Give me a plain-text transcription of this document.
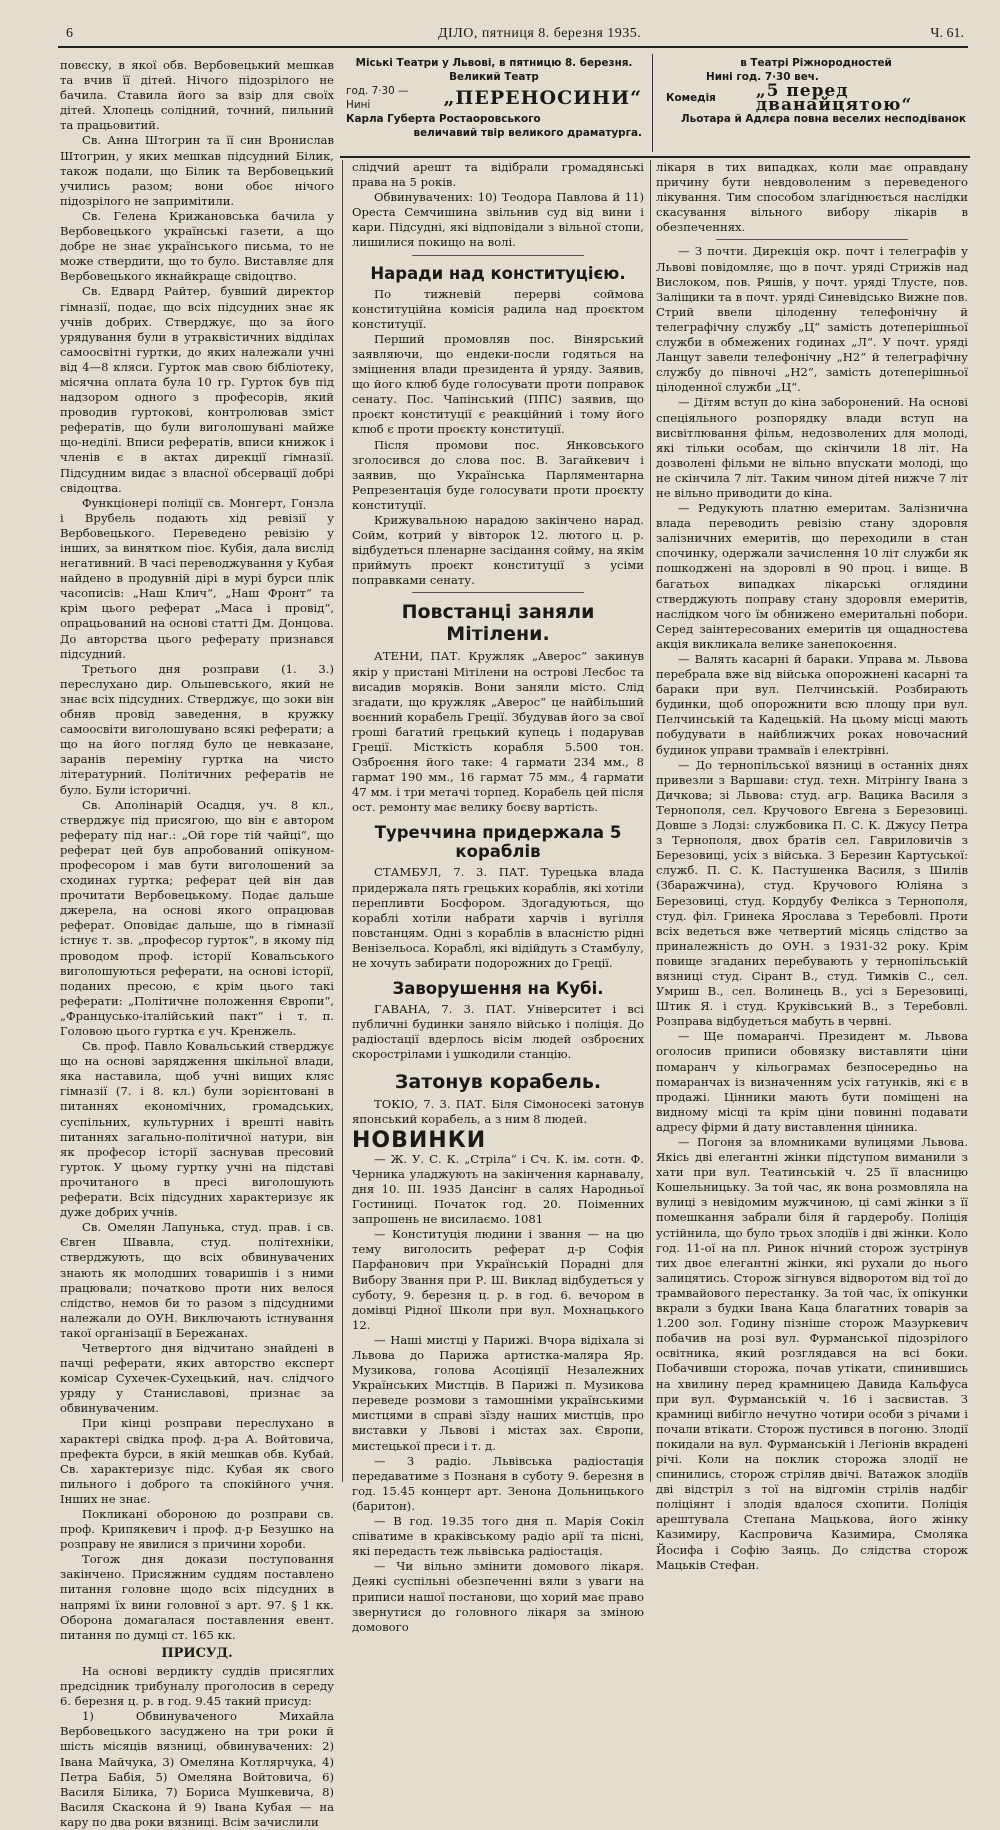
6	ДІЛО, пятниця 8. березня 1935.	Ч. 61.
Міські Театри у Львові, в пятницю 8. березня.
Великий Театр
год. 7·30 — Нині	„ПЕРЕНОСИНИ“
Карла Губерта Ростаоровського
величавий твір великого драматурга.
в Театрі Ріжнородностей
Нині год. 7·30 веч.
Комедія „5 перед дванайцятою“
Льотара й Адлєра повна веселих несподіванок

повєску, в якої обв. Вербовецький мешкав та вчив її дітей. Нічого підозрілого не бачила. Ставила його за взір для своїх дітей. Хлопець солідний, точний, пильний та працьовитий.

Св. Анна Штогрин та її син Вронислав Штогрин, у яких мешкав підсудний Білик, також подали, що Білик та Вербовецький учились разом; вони обоє нічого підозрілого не запримітили.

Св. Гелена Крижановська бачила у Вербовецького українські газети, а що добре не знає українського письма, то не може ствердити, що то було. Виставляє для Вербовецького якнайкраще свідоцтво.

Св. Едвард Райтер, бувший директор гімназії, подає, що всіх підсудних знає як учнів добрих. Стверджує, що за його урядування були в утраквістичних відділах самоосвітні гуртки, до яких належали учні від 4—8 кляси. Гурток мав свою бібліотеку, місячна оплата була 10 гр. Гурток був під надзором одного з професорів, який проводив гуртокові, контролював зміст рефератів, що були виголошувані майже що-неділі. Вписи рефератів, вписи книжок і членів є в актах дирекції гімназії. Підсудним видає з власної обсервації добрі свідоцтва.

Функціонері поліції св. Монгерт, Гонзла і Врубель подають хід ревізії у Вербовецького. Переведено ревізію у інших, за винятком піоє. Кубія, дала вислід негативний. В часі переводжування у Кубая найдено в продувній дірі в мурі бурси плік часописів: „Наш Клич“, „Наш Фронт“ та крім цього реферат „Маса і провід“, опрацьований на основі статті Дм. Донцова. До авторства цього реферату признався підсудний.

Третього дня розправи (1. 3.) переслухано дир. Ольшевського, який не знає всіх підсудних. Стверджує, що зоки він обняв провід заведення, в кружку самоосвіти виголошувано всякі реферати; а що на його погляд було це невказане, заранів переміну гуртка на чисто літературний. Політичних рефератів не було. Були історичні.

Св. Аполінарій Осадця, уч. 8 кл., стверджує під присягою, що він є автором реферату під наг.: „Ой горе тій чайці“, що реферат цей був апробований опікуном-професором і мав бути виголошений за сходинах гуртка; реферат цей він дав прочитати Вербовецькому. Подає дальше джерела, на основі якого опрацював реферат. Оповідає дальше, що в гімназії істнує т. зв. „професор гурток“, в якому під проводом проф. історії Ковальського виголошуються реферати, на основі історії, поданих пресою, є крім цього такі реферати: „Політичне положення Європи“, „Францусько-італійський пакт“ і т. п. Головою цього гуртка є уч. Кренжель.

Св. проф. Павло Ковальський стверджує що на основі зарядження шкільної влади, яка наставила, щоб учні вищих кляс гімназії (7. і 8. кл.) були зорієнтовані в питаннях економічних, громадських, суспільних, культурних і врешті навіть питаннях загально-політичної натури, він як професор історії заснував пресовий гурток. У цьому гуртку учні на підставі прочитаного в пресі виголошують реферати. Всіх підсудних характеризує як дуже добрих учнів.

Св. Омелян Лапунька, студ. прав. і св. Євген Швавла, студ. політехніки, стверджують, що всіх обвинувачених знають як молодших товаришів і з ними працювали; початково проти них велося слідство, немов би то разом з підсудними належали до ОУН. Виключають істнування такої організації в Бережанах.

Четвертого дня відчитано знайдені в пачці реферати, яких авторство експерт комісар Сухечек-Сухецький, нач. слідчого уряду у Станиславові, признає за обвинуваченим.

При кінці розправи переслухано в характері свідка проф. д-ра А. Войтовича, префекта бурси, в якій мешкав обв. Кубай. Св. характеризує підс. Кубая як свого пильного і доброго та спокійного учня. Інших не знає.

Покликані обороною до розправи св. проф. Крипякевич і проф. д-р Безушко на розправу не явилися з причини хороби.

Тогож дня докази поступовання закінчено. Присяжним суддям поставлено питання головне щодо всіх підсудних в напрямі їх вини головної з арт. 97. § 1 кк. Оборона домагалася поставлення евент. питання по думці ст. 165 кк.

ПРИСУД.

На основі вердикту суддів присяглих предсідник трибуналу проголосив в середу 6. березня ц. р. в год. 9.45 такий присуд:

1) Обвинуваченого Михайла Вербовецького засуджено на три роки й шість місяців вязниці, обвинувачених: 2) Івана Майчука, 3) Омеляна Котлярчука, 4) Петра Бабія, 5) Омеляна Войтовича, 6) Василя Білика, 7) Бориса Мушкевича, 8) Василя Скаскона й 9) Івана Кубая — на кару по два роки вязниці. Всім зачислили

слідчий арешт та відібрали громадянські права на 5 років.

Обвинувачених: 10) Теодора Павлова й 11) Ореста Семчишина звільнив суд від вини і кари. Підсудні, які відповідали з вільної стопи, лишилися покищо на волі.

Наради над конституцією.

По тижневій перерві соймова конституційна комісія радила над проєктом конституції.

Перший промовляв пос. Вінярський заявляючи, що ендеки-посли годяться на зміцнення влади президента й уряду. Заявив, що його клюб буде голосувати проти поправок сенату. Пос. Чапінський (ППС) заявив, що проєкт конституції є реакційний і тому його клюб є проти проєкту конституції.

Після промови пос. Янковського зголосився до слова пос. В. Загайкевич і заявив, що Українська Парляментарна Репрезентація буде голосувати проти проєкту конституції.

Крижувальною нарадою закінчено нарад. Сойм, котрий у вівторок 12. лютого ц. р. відбудеться пленарне засідання сойму, на якім приймуть проєкт конституції з усіми поправками сенату.

Повстанці заняли Мітілени.

АТЕНИ, ПАТ. Кружляк „Аверос“ закинув якір у пристані Мітілени на острові Лесбос та висадив моряків. Вони заняли місто. Слід згадати, що кружляк „Аверос“ це найбільший воєнний корабель Греції. Збудував його за свої гроші багатий грецький купець і подарував Греції. Місткість корабля 5.500 тон. Озброєння його таке: 4 гармати 234 мм., 8 гармат 190 мм., 16 гармат 75 мм., 4 гармати 47 мм. і три метачі торпед. Корабель цей після ост. ремонту має велику боєву вартість.

Туреччина придержала 5 кораблів

СТАМБУЛ, 7. 3. ПАТ. Турецька влада придержала пять грецьких кораблів, які хотіли перепливти Босфором. Здогадуються, що кораблі хотіли набрати харчів і вугілля повстанцям. Одні з кораблів в власністю рідні Венізельоса. Кораблі, які відійдуть з Стамбулу, не хочуть забирати подорожних до Греції.

Заворушення на Кубі.

ГАВАНА, 7. 3. ПАТ. Університет і всі публичні будинки заняло військо і поліція. До радіостації вдерлось вісім людей озброєних скорострілами і ушкодили станцію.

Затонув корабель.

ТОКІО, 7. 3. ПАТ. Біля Сімоносекі затонув японський корабель, а з ним 8 людей.

НОВИНКИ

— Ж. У. С. К. „Стріла“ і Сч. К. ім. сотн. Ф. Черника уладжують на закінчення карнавалу, дня 10. III. 1935 Дансінг в салях Народньої Гостиниці. Початок год. 20. Поіменних запрошень не висилаємо. 1081

— Конституція людини і звання — на цю тему виголосить реферат д-р Софія Парфанович при Українській Порадні для Вибору Звання при Р. Ш. Виклад відбудеться у суботу, 9. березня ц. р. в год. 6. вечором в домівці Рідної Школи при вул. Мохнацького 12.

— Наші мистці у Парижі. Вчора відіхала зі Львова до Парижа артистка-маляра Яр. Музикова, голова Асоціяції Незалежних Українських Мистців. В Парижі п. Музикова переведе розмови з тамошніми українськими мистцями в справі зїзду наших мистців, про виставки у Львові і містах зах. Європи, мистецької преси і т. д.

— З радіо. Львівська радіостація передаватиме з Познаня в суботу 9. березня в год. 15.45 концерт арт. Зенона Дольницького (баритон).

— В год. 19.35 того дня п. Марія Сокіл співатиме в краківському радіо арії та пісні, які передасть теж львівська радіостація.

— Чи вільно змінити домового лікаря. Деякі суспільні обезпеченні вяли з уваги на приписи нашої постанови, що хорий має право звернутися до головного лікаря за зміною домового

лікаря в тих випадках, коли має оправдану причину бути невдоволеним з переведеного лікування. Тим способом злагіднюється наслідки скасування вільного вибору лікарів в обезпеченнях.

— З почти. Дирекція окр. почт і телеграфів у Львові повідомляє, що в почт. уряді Стрижів над Вислоком, пов. Ряшів, у почт. уряді Тлусте, пов. Заліщики та в почт. уряді Синевідсько Вижне пов. Стрий ввели цілоденну телефонічну й телеграфічну службу „Ц“ замість дотеперішньої служби в обмежених годинах „Л“. У почт. уряді Ланцут завели телефонічну „Н2“ й телеграфічну службу до півночі „Н2“, замість дотеперішньої цілоденної служби „Ц“.

— Дітям вступ до кіна заборонений. На основі спеціяльного розпорядку влади вступ на висвітлювання фільм, недозволених для молоді, які тільки особам, що скінчили 18 літ. На дозволені фільми не вільно впускати молоді, що не скінчила 7 літ. Таким чином дітей нижче 7 літ не вільно приводити до кіна.

— Редукують платню емеритам. Залізнична влада переводить ревізію стану здоровля залізничних емеритів, що переходили в стан спочинку, одержали зачислення 10 літ служби як пошкоджені на здоровлі в 90 проц. і вище. В багатьох випадках лікарські оглядини стверджують поправу стану здоровля емеритів, наслідком чого їм обнижено емеритальні побори. Серед заінтересованих емеритів ця ощадностева акція викликала велике занепокоєння.

— Валять касарні й бараки. Управа м. Львова перебрала вже від війська опорожнені касарні та бараки при вул. Пелчинській. Розбирають будинки, щоб опорожнити всю площу при вул. Пелчинській та Кадецькій. На цьому місці мають побудувати в найближчих роках новочасний будинок управи трамваїв і електрівні.

— До тернопільської вязниці в останніх днях привезли з Варшави: студ. техн. Мітрінгу Івана з Дичкова; зі Львова: студ. агр. Вацика Василя з Тернополя, сел. Кручового Евгена з Березовиці. Довше з Лодзі: службовика П. С. К. Джусу Петра з Тернополя, двох братів сел. Гавриловичів з Березовиці, усіх з війська. З Березин Картуської: служб. П. С. К. Пастушенка Василя, з Шилів (Збаражчина), студ. Кручового Юліяна з Березовиці, студ. Кордубу Фелікса з Тернополя, студ. філ. Гринека Ярослава з Теребовлі. Проти всіх ведеться вже четвертий місяць слідство за приналежність до ОУН. з 1931-32 року. Крім повище згаданих перебувають у тернопільській вязниці студ. Сірант В., студ. Тимків С., сел. Умриш В., сел. Волинець В., усі з Березовиці, Штик Я. і студ. Круківський В., з Теребовлі. Розправа відбудеться мабуть в червні.

— Ще помаранчі. Президент м. Львова оголосив приписи обовязку виставляти ціни помаранч у кільограмах безпосередньо на помаранчах із визначенням усіх гатунків, які є в продажі. Цінники мають бути поміщені на видному місці та крім ціни повинні подавати адресу фірми й дату виставлення цінника.

— Погоня за вломниками вулицями Львова. Якісь дві елегантні жінки підступом виманили з хати при вул. Театинській ч. 25 її власницю Кошельницьку. За той час, як вона розмовляла на вулиці з невідомим мужчиною, ці самі жінки з її помешкання забрали біля й гардеробу. Поліція устійнила, що було трьох злодіїв і дві жінки. Коло год. 11-ої на пл. Ринок нічний сторож зустрінув тих двоє елегантні жінки, які рухали до нього залицятись. Сторож зігнувся відворотом від тої до трамвайового перестанку. За той час, їх опікунки вкрали з будки Івана Каца благатних товарів за 1.200 зол. Годину пізніше сторож Мазуркевич побачив на розі вул. Фурманської підозрілого освітника, який розглядався на всі боки. Побачивши сторожа, почав утікати, спинившись на хвилину перед крамницею Давида Кальфуса при вул. Фурманській ч. 16 і засвистав. З крамниці вибігло нечутно чотири особи з річами і почали втікати. Сторож пустився в погоню. Злодії покидали на вул. Фурманській і Легіонів вкрадені річі. Коли на поклик сторожа злодії не спинились, сторож стріляв двічі. Ватажок злодіїв дві відстріл з тої на відгомін стрілів надбіг поліціянт і злодія вдалося схопити. Поліція арештувала Степана Мацькова, його жінку Казимиру, Каспровича Казимира, Смоляка Йосифа і Софію Заяць. До слідства сторож Мацьків Стефан.
